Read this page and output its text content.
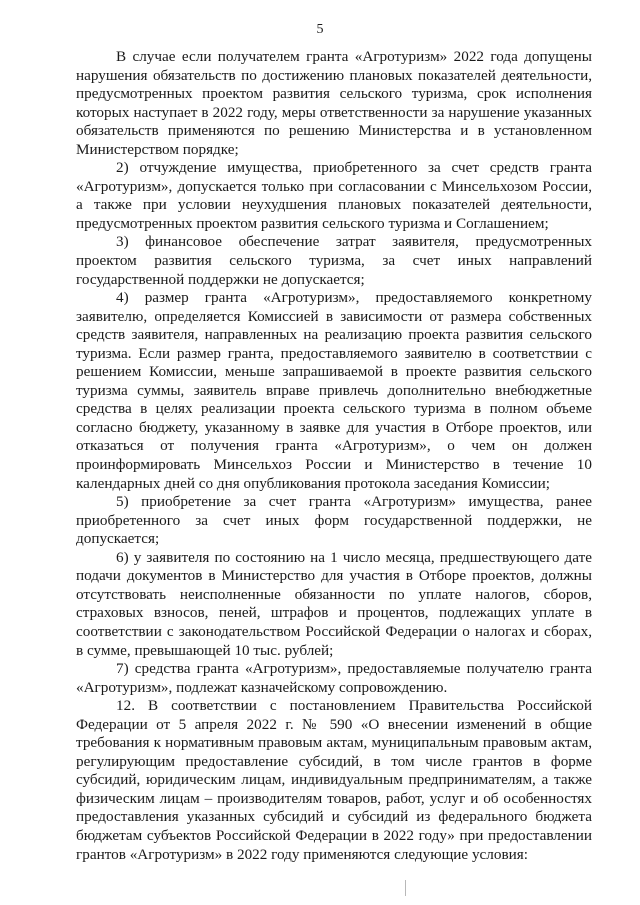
5

В случае если получателем гранта «Агротуризм» 2022 года допущены нарушения обязательств по достижению плановых показателей деятельности, предусмотренных проектом развития сельского туризма, срок исполнения которых наступает в 2022 году, меры ответственности за нарушение указанных обязательств применяются по решению Министерства и в установленном Министерством порядке;

2) отчуждение имущества, приобретенного за счет средств гранта «Агротуризм», допускается только при согласовании с Минсельхозом России, а также при условии неухудшения плановых показателей деятельности, предусмотренных проектом развития сельского туризма и Соглашением;

3) финансовое обеспечение затрат заявителя, предусмотренных проектом развития сельского туризма, за счет иных направлений государственной поддержки не допускается;

4) размер гранта «Агротуризм», предоставляемого конкретному заявителю, определяется Комиссией в зависимости от размера собственных средств заявителя, направленных на реализацию проекта развития сельского туризма. Если размер гранта, предоставляемого заявителю в соответствии с решением Комиссии, меньше запрашиваемой в проекте развития сельского туризма суммы, заявитель вправе привлечь дополнительно внебюджетные средства в целях реализации проекта сельского туризма в полном объеме согласно бюджету, указанному в заявке для участия в Отборе проектов, или отказаться от получения гранта «Агротуризм», о чем он должен проинформировать Минсельхоз России и Министерство в течение 10 календарных дней со дня опубликования протокола заседания Комиссии;

5) приобретение за счет гранта «Агротуризм» имущества, ранее приобретенного за счет иных форм государственной поддержки, не допускается;

6) у заявителя по состоянию на 1 число месяца, предшествующего дате подачи документов в Министерство для участия в Отборе проектов, должны отсутствовать неисполненные обязанности по уплате налогов, сборов, страховых взносов, пеней, штрафов и процентов, подлежащих уплате в соответствии с законодательством Российской Федерации о налогах и сборах, в сумме, превышающей 10 тыс. рублей;

7) средства гранта «Агротуризм», предоставляемые получателю гранта «Агротуризм», подлежат казначейскому сопровождению.

12. В соответствии с постановлением Правительства Российской Федерации от 5 апреля 2022 г. № 590 «О внесении изменений в общие требования к нормативным правовым актам, муниципальным правовым актам, регулирующим предоставление субсидий, в том числе грантов в форме субсидий, юридическим лицам, индивидуальным предпринимателям, а также физическим лицам – производителям товаров, работ, услуг и об особенностях предоставления указанных субсидий и субсидий из федерального бюджета бюджетам субъектов Российской Федерации в 2022 году» при предоставлении грантов «Агротуризм» в 2022 году применяются следующие условия:
